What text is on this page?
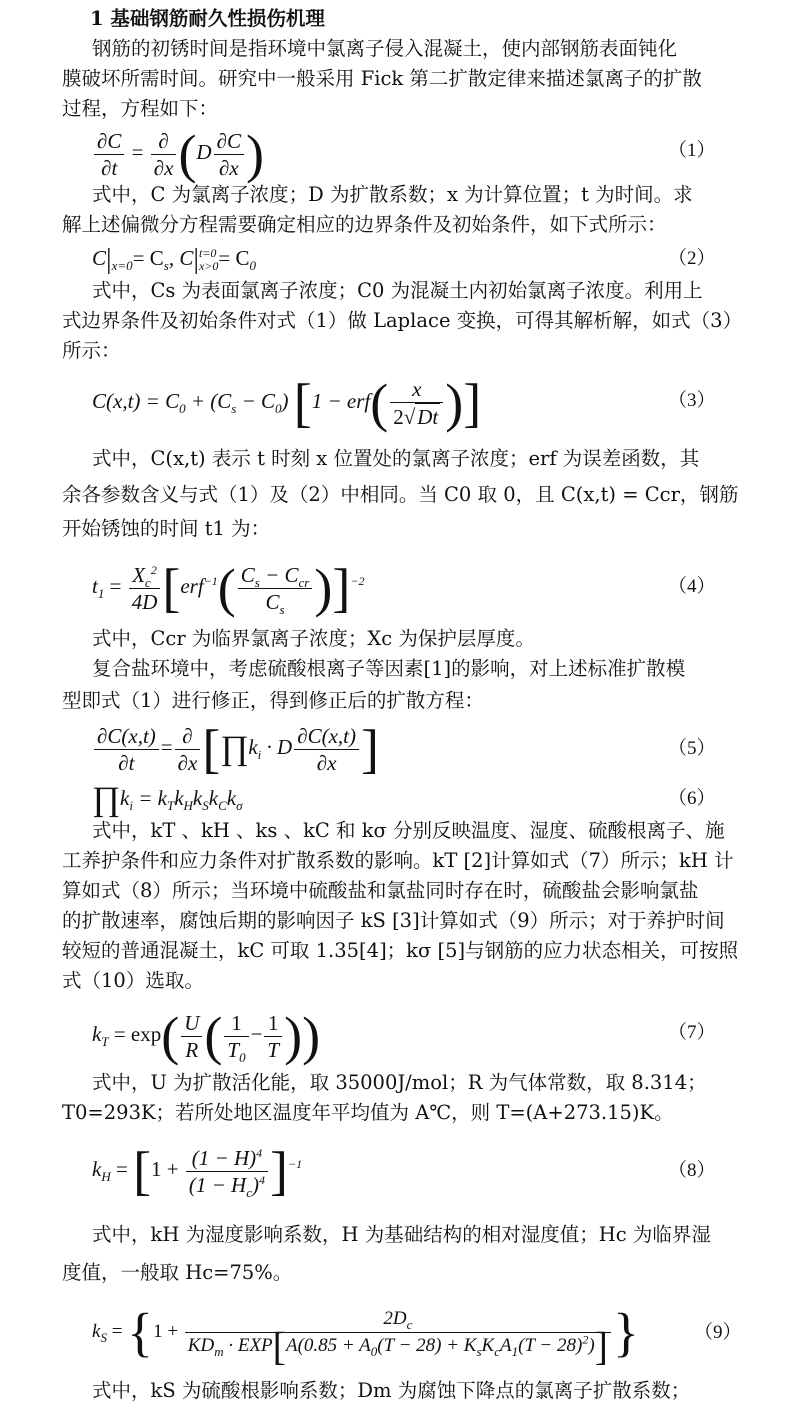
1 基础钢筋耐久性损伤机理
钢筋的初锈时间是指环境中氯离子侵入混凝土，使内部钢筋表面钝化
膜破坏所需时间。研究中一般采用 Fick 第二扩散定律来描述氯离子的扩散
过程，方程如下：
$\frac{\partial C}{\partial t} = \frac{\partial}{\partial x} (D \frac{\partial C}{\partial x}$ )	（1）
式中，C 为氯离子浓度；D 为扩散系数；x 为计算位置；t 为时间。求
解上述偏微分方程需要确定相应的边界条件及初始条件，如下式所示：
$C|_{x=0}= C_s$, C| t=0
$x>0 = C_0$	（2）
式中，Cs 为表面氯离子浓度；C0 为混凝土内初始氯离子浓度。利用上
式边界条件及初始条件对式（1）做 Laplace 变换，可得其解析解，如式（3）
所示：
$C(x,t) = C_0 + (C_s - C_0) [1 - erf( \frac{x}{2√Dt}$ )]	（3）
式中，C(x,t) 表示 t 时刻 x 位置处的氯离子浓度；erf 为误差函数，其
余各参数含义与式（1）及（2）中相同。当 C0 取 0，且 C(x,t) = Ccr，钢筋
开始锈蚀的时间 t1 为：
$t_1 = \frac{X_c^2}{4D} [erf^{-1}( \frac{C_s - C_{cr}}{C_s} )]^{-2}$	（4）
式中，Ccr 为临界氯离子浓度；Xc 为保护层厚度。
复合盐环境中，考虑硫酸根离子等因素[1]的影响，对上述标准扩散模
型即式（1）进行修正，得到修正后的扩散方程：
$\frac{\partial C(x,t)}{\partial t} = \frac{\partial}{\partial x}$ [$\prod k_i \cdot D \frac{\partial C(x,t)}{\partial x}$ ]	（5）
$\prod k_i = k_Tk_Hk_Sk_Ck_\sigma$	（6）
式中，kT 、kH 、ks 、kC 和 kσ 分别反映温度、湿度、硫酸根离子、施
工养护条件和应力条件对扩散系数的影响。kT [2]计算如式（7）所示；kH 计
算如式（8）所示；当环境中硫酸盐和氯盐同时存在时，硫酸盐会影响氯盐
的扩散速率，腐蚀后期的影响因子 kS [3]计算如式（9）所示；对于养护时间
较短的普通混凝土，kC 可取 1.35[4]；kσ [5]与钢筋的应力状态相关，可按照
式（10）选取。
$k_T = \exp( \frac{U}{R}$ ( $\frac{1}{T_0} - \frac{1}{T}$ ))	（7）
式中，U 为扩散活化能，取 35000J/mol；R 为气体常数，取 8.314；
T0=293K；若所处地区温度年平均值为 A℃，则 T=(A+273.15)K。
$k_H = [1 + \frac{(1 - H)^4}{(1 - H_c)^4} ]^{-1}$	（8）
式中，kH 为湿度影响系数，H 为基础结构的相对湿度值；Hc 为临界湿
度值，一般取 Hc=75%。
$k_S = \{1 + \frac{2D_c}{KD_m \cdot EXP[A(0.85 + A_0(T - 28) + K_sK_cA_1(T - 28)^2)]}$ }	（9）
式中，kS 为硫酸根影响系数；Dm 为腐蚀下降点的氯离子扩散系数；
